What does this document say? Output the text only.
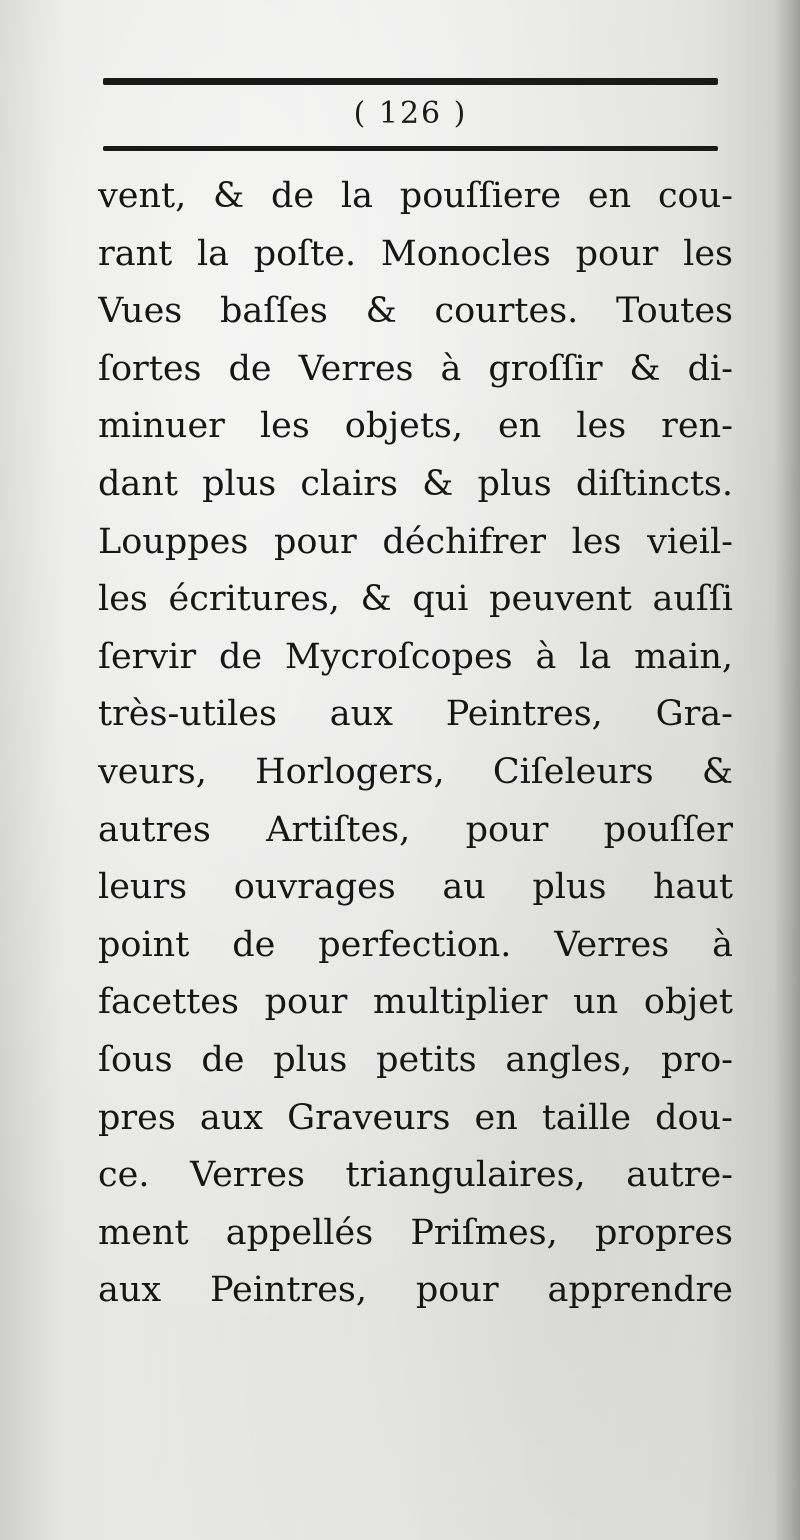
( 126 )
vent, & de la pouſſiere en cou-
rant la poſte. Monocles pour les
Vues baſſes & courtes. Toutes
ſortes de Verres à groſſir & di-
minuer les objets, en les ren-
dant plus clairs & plus diſtincts.
Louppes pour déchifrer les vieil-
les écritures, & qui peuvent auſſi
ſervir de Mycroſcopes à la main,
très-utiles aux Peintres, Gra-
veurs, Horlogers, Ciſeleurs &
autres Artiſtes, pour pouſſer
leurs ouvrages au plus haut
point de perfection. Verres à
facettes pour multiplier un objet
ſous de plus petits angles, pro-
pres aux Graveurs en taille dou-
ce. Verres triangulaires, autre-
ment appellés Priſmes, propres
aux Peintres, pour apprendre
